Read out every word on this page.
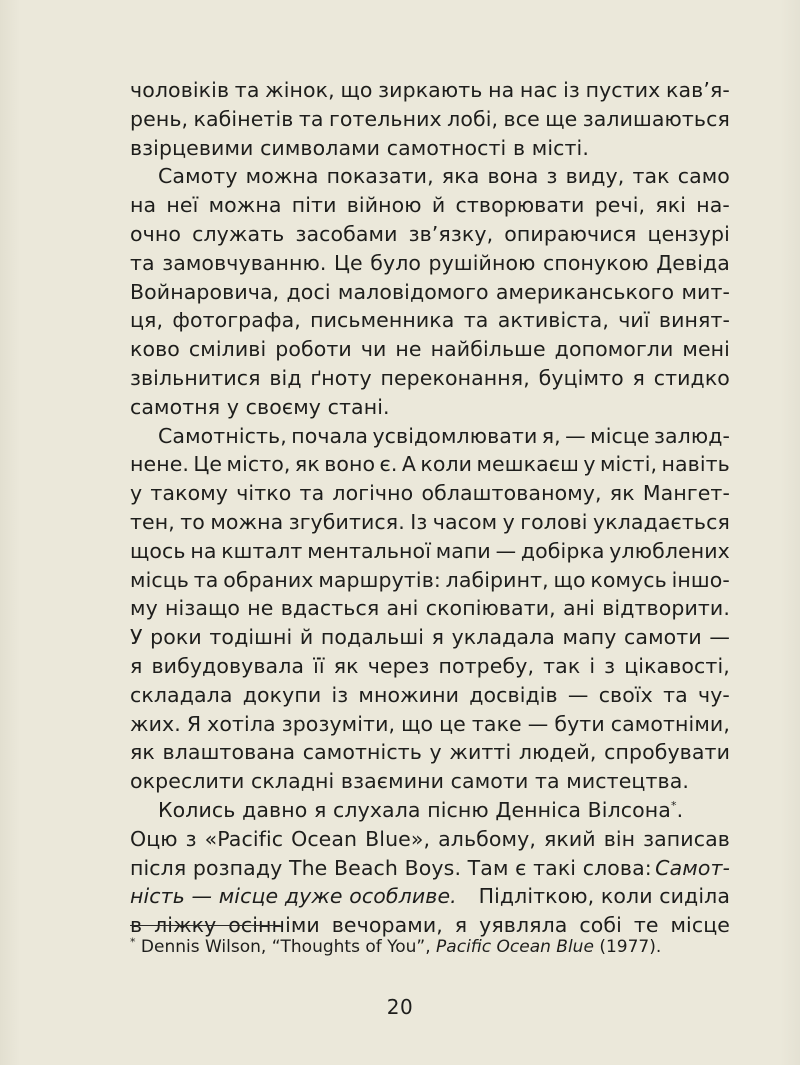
чоловіків та жінок, що зиркають на нас із пустих кав’я-
рень, кабінетів та готельних лобі, все ще залишаються
взірцевими символами самотності в місті.
Самоту можна показати, яка вона з виду, так само
на неї можна піти війною й створювати речі, які на-
очно служать засобами зв’язку, опираючися цензурі
та замовчуванню. Це було рушійною спонукою Девіда
Войнаровича, досі маловідомого американського мит-
ця, фотографа, письменника та активіста, чиї винят-
ково сміливі роботи чи не найбільше допомогли мені
звільнитися від ґноту переконання, буцімто я стидко
самотня у своєму стані.
Самотність, почала усвідомлювати я, — місце залюд-
нене. Це місто, як воно є. А коли мешкаєш у місті, навіть
у такому чітко та логічно облаштованому, як Мангет-
тен, то можна згубитися. Із часом у голові укладається
щось на кшталт ментальної мапи — добірка улюблених
місць та обраних маршрутів: лабіринт, що комусь іншо-
му нізащо не вдасться ані скопіювати, ані відтворити.
У роки тодішні й подальші я укладала мапу самоти —
я вибудовувала її як через потребу, так і з цікавості,
складала докупи із множини досвідів — своїх та чу-
жих. Я хотіла зрозуміти, що це таке — бути самотніми,
як влаштована самотність у житті людей, спробувати
окреслити складні взаємини самоти та мистецтва.
Колись давно я слухала пісню Денніса Вілсона*.
Оцю з «Pacific Ocean Blue», альбому, який він записав
після розпаду The Beach Boys. Там є такі слова: Самот-
ність — місце дуже особливе. Підліткою, коли сиділа
в ліжку осінніми вечорами, я уявляла собі те місце
* Dennis Wilson, “Thoughts of You”, Pacific Ocean Blue (1977).
20
